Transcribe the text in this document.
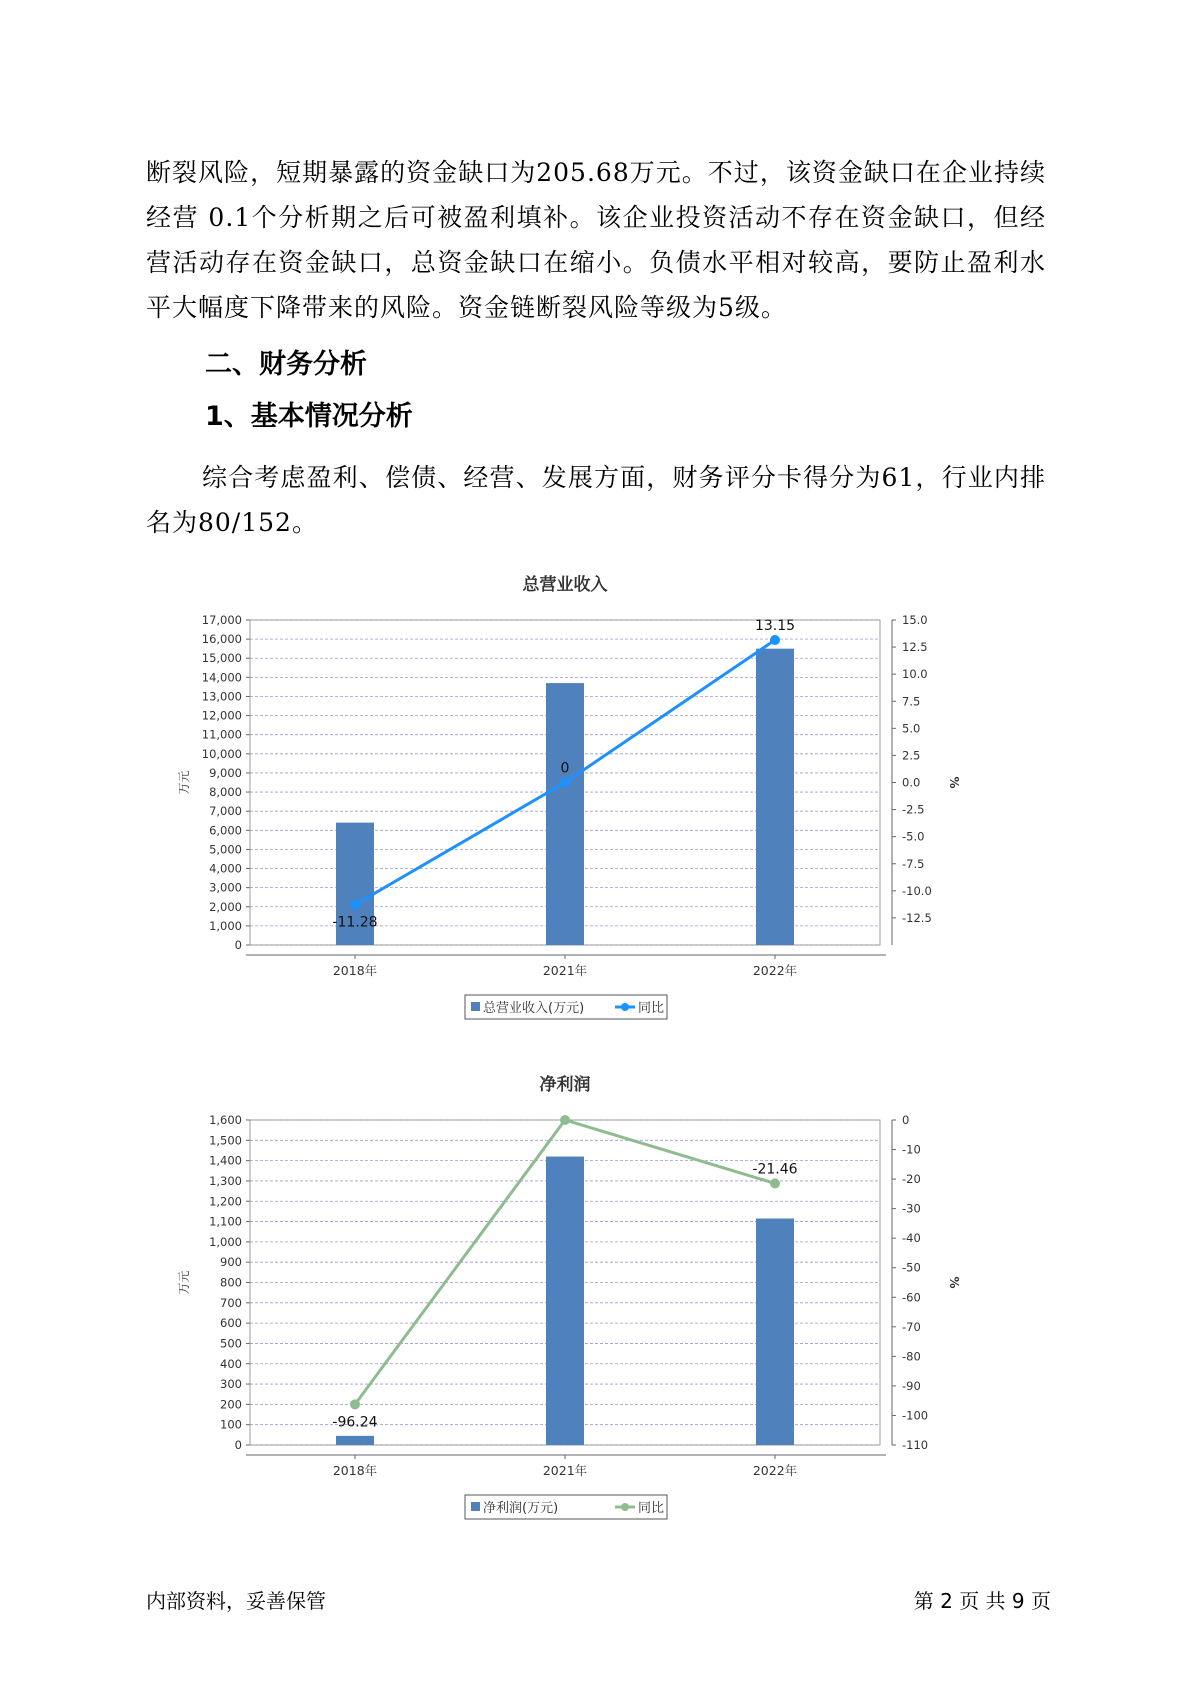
断裂风险，短期暴露的资金缺口为205.68万元。不过，该资金缺口在企业持续经营 0.1个分析期之后可被盈利填补。该企业投资活动不存在资金缺口，但经营活动存在资金缺口，总资金缺口在缩小。负债水平相对较高，要防止盈利水平大幅度下降带来的风险。资金链断裂风险等级为5级。

二、财务分析
1、基本情况分析

综合考虑盈利、偿债、经营、发展方面，财务评分卡得分为61，行业内排名为80/152。

总营业收入
0
1,000
2,000
3,000
4,000
5,000
6,000
7,000
8,000
9,000
10,000
11,000
12,000
13,000
14,000
15,000
16,000
17,000
-12.5
-10.0
-7.5
-5.0
-2.5
0.0
2.5
5.0
7.5
10.0
12.5
15.0
万元	%
2018年	2021年	2022年
-11.28
0
13.15
总营业收入(万元)	同比
净利润
0
100
200
300
400
500
600
700
800
900
1,000
1,100
1,200
1,300
1,400
1,500
1,600
-110
-100
-90
-80
-70
-60
-50
-40
-30
-20
-10
0
万元	%
2018年	2021年	2022年
-96.24
-21.46
净利润(万元)	同比
内部资料，妥善保管	第 2 页 共 9 页
